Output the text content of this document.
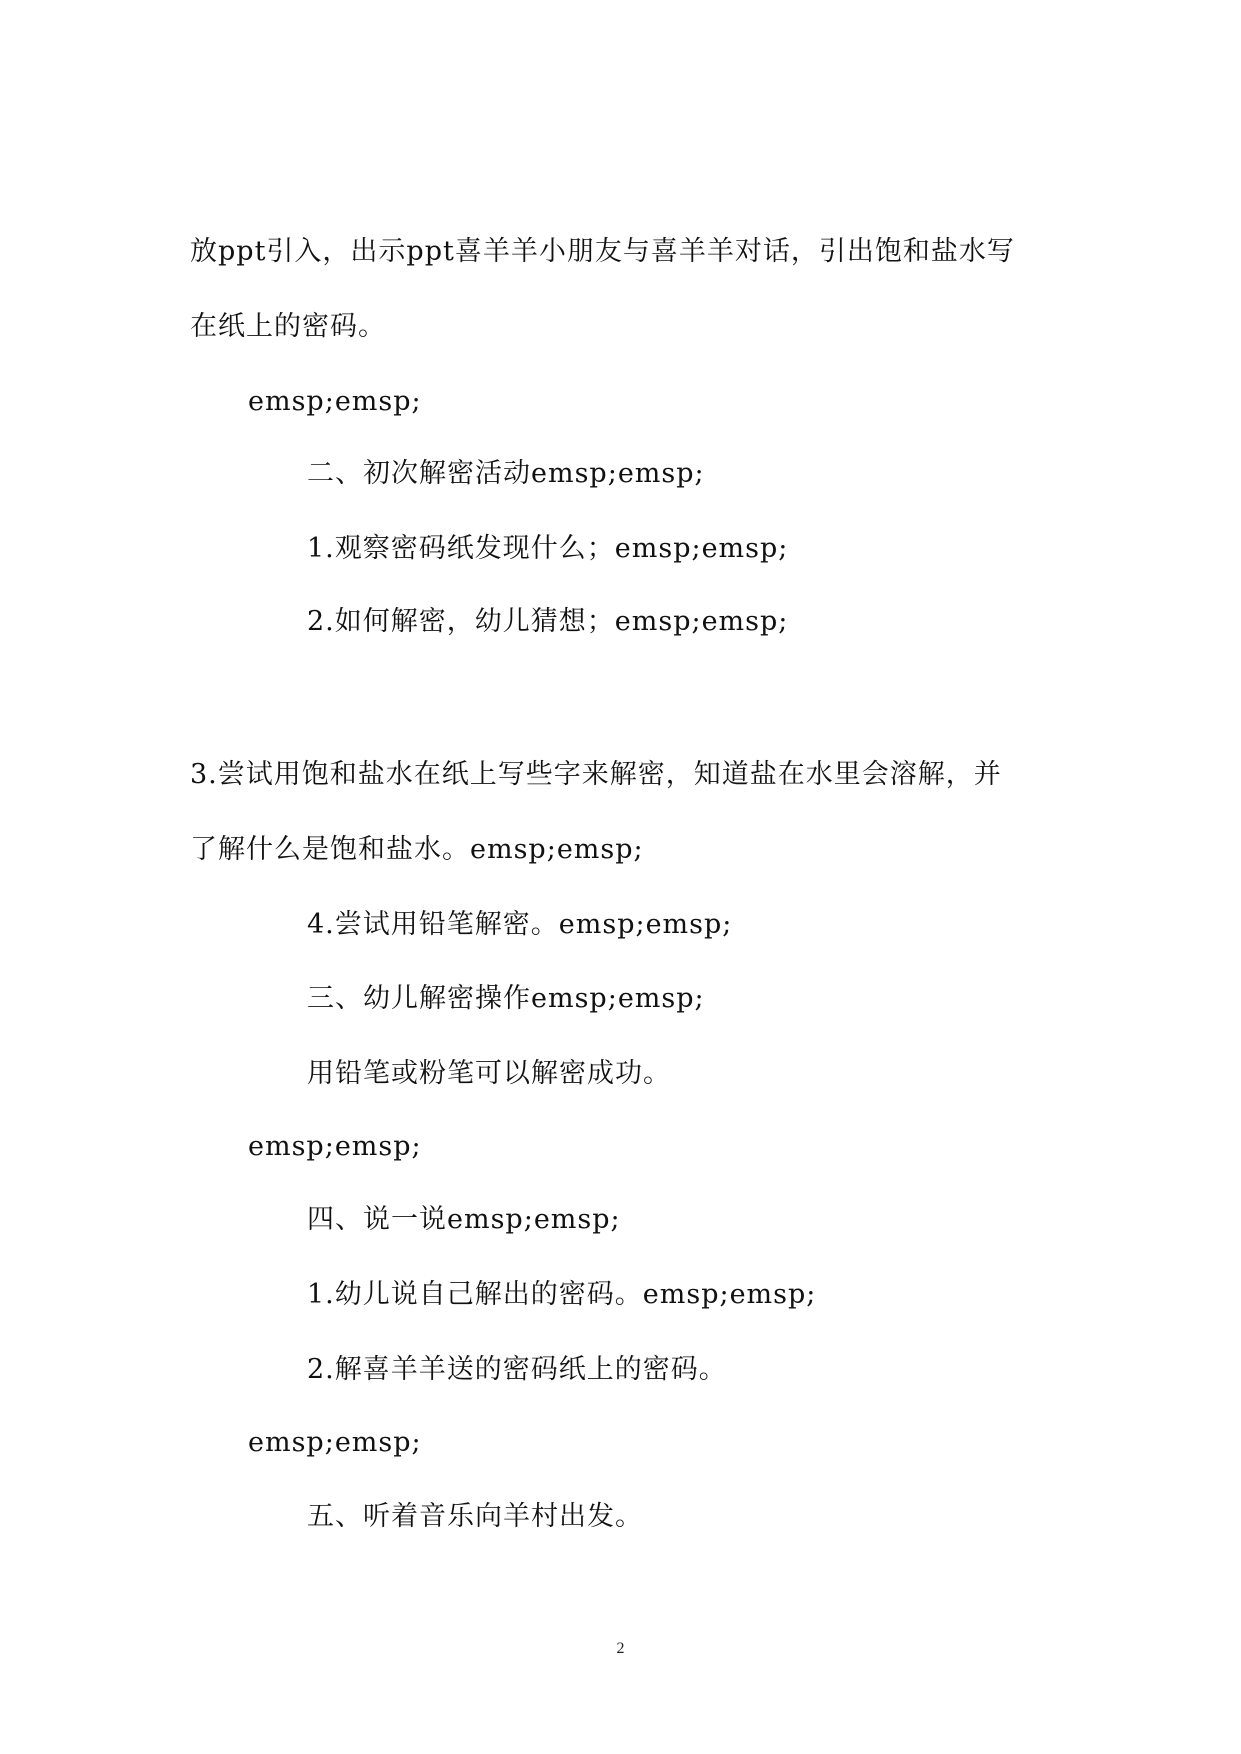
放ppt引入，出示ppt喜羊羊小朋友与喜羊羊对话，引出饱和盐水写
在纸上的密码。
emsp;emsp;
二、初次解密活动emsp;emsp;
1.观察密码纸发现什么；emsp;emsp;
2.如何解密，幼儿猜想；emsp;emsp;
3.尝试用饱和盐水在纸上写些字来解密，知道盐在水里会溶解，并
了解什么是饱和盐水。emsp;emsp;
4.尝试用铅笔解密。emsp;emsp;
三、幼儿解密操作emsp;emsp;
用铅笔或粉笔可以解密成功。
emsp;emsp;
四、说一说emsp;emsp;
1.幼儿说自己解出的密码。emsp;emsp;
2.解喜羊羊送的密码纸上的密码。
emsp;emsp;
五、听着音乐向羊村出发。
2
